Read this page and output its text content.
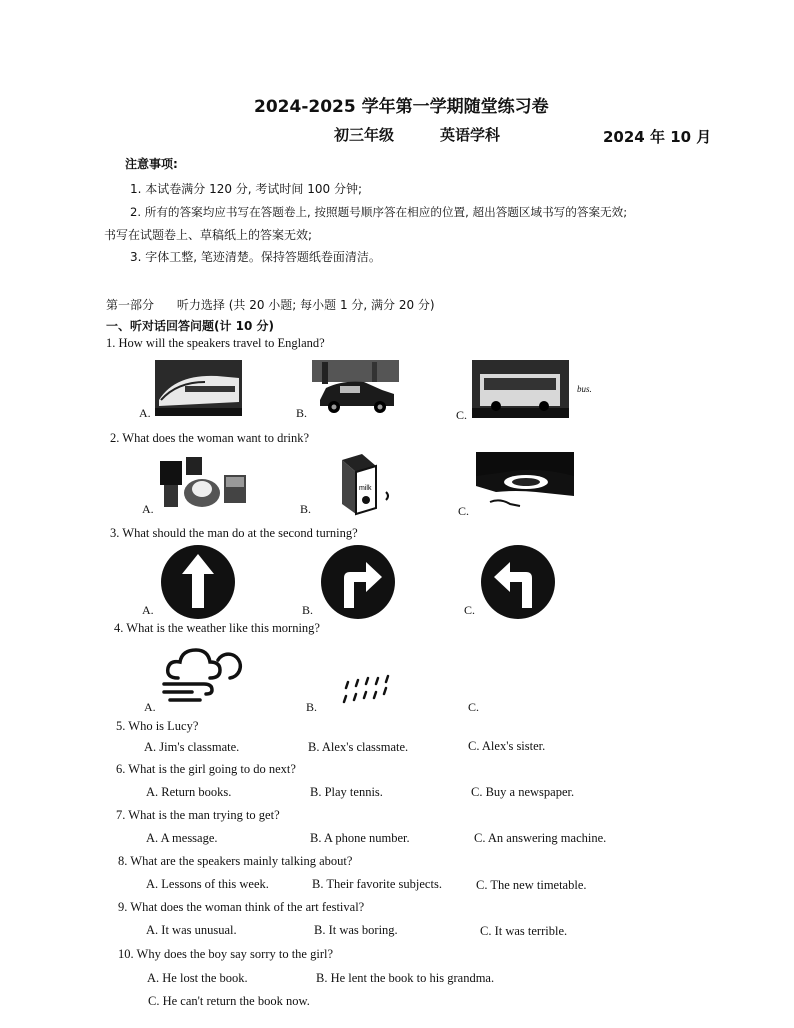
2024-2025 学年第一学期随堂练习卷
初三年级	英语学科	2024 年 10 月
注意事项:
1. 本试卷满分 120 分, 考试时间 100 分钟;
2. 所有的答案均应书写在答题卷上, 按照题号顺序答在相应的位置, 超出答题区域书写的答案无效;
书写在试题卷上、草稿纸上的答案无效;
3. 字体工整, 笔迹清楚。保持答题纸卷面清洁。
第一部分      听力选择 (共 20 小题; 每小题 1 分, 满分 20 分)
一、听对话回答问题(计 10 分)
1. How will the speakers travel to England?
A.	B.
bus.
C.
2. What does the woman want to drink?
A.
milk
B.	C.
3. What should the man do at the second turning?
A.	B.	C.
4. What is the weather like this morning?
A.	B.	C.
5. Who is Lucy?
A. Jim's classmate.	B. Alex's classmate.	C. Alex's sister.
6. What is the girl going to do next?
A. Return books.	B. Play tennis.	C. Buy a newspaper.
7. What is the man trying to get?
A. A message.	B. A phone number.	C. An answering machine.
8. What are the speakers mainly talking about?
A. Lessons of this week.	B. Their favorite subjects.	C. The new timetable.
9. What does the woman think of the art festival?
A. It was unusual.	B. It was boring.	C. It was terrible.
10. Why does the boy say sorry to the girl?
A. He lost the book.	B. He lent the book to his grandma.
C. He can't return the book now.
